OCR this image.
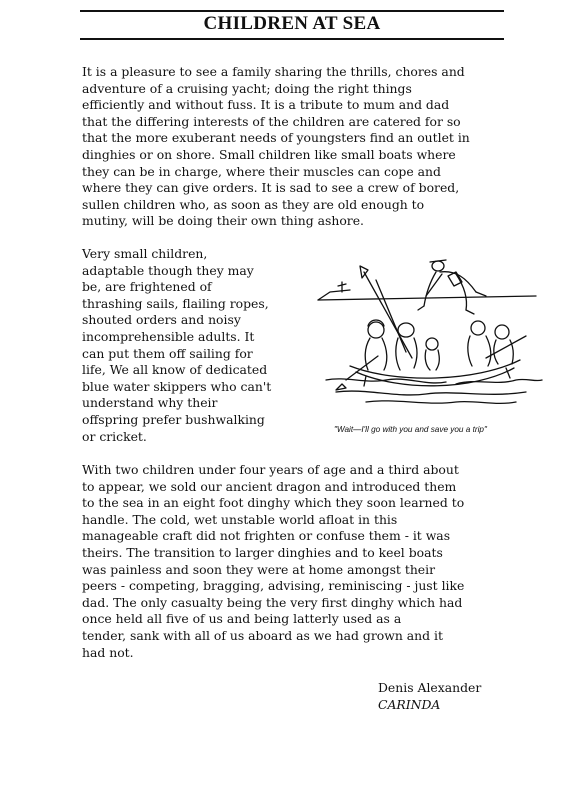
CHILDREN AT SEA
It is a pleasure to see a family sharing the thrills, chores and
adventure of a cruising yacht; doing the right things
efficiently and without fuss. It is a tribute to mum and dad
that the differing interests of the children are catered for so
that the more exuberant needs of youngsters find an outlet in
dinghies or on shore. Small children like small boats where
they can be in charge, where their muscles can cope and
where they can give orders. It is sad to see a crew of bored,
sullen children who, as soon as they are old enough to
mutiny, will be doing their own thing ashore.
Very small children,
adaptable though they may
be, are frightened of
thrashing sails, flailing ropes,
shouted orders and noisy
incomprehensible adults. It
can put them off sailing for
life, We all know of dedicated
blue water skippers who can't
understand why their
offspring prefer bushwalking
or cricket.	"Wait—I'll go with you and save you a trip"
With two children under four years of age and a third about
to appear, we sold our ancient dragon and introduced them
to the sea in an eight foot dinghy which they soon learned to
handle. The cold, wet unstable world afloat in this
manageable craft did not frighten or confuse them - it was
theirs. The transition to larger dinghies and to keel boats
was painless and soon they were at home amongst their
peers - competing, bragging, advising, reminiscing - just like
dad. The only casualty being the very first dinghy which had
once held all five of us and being latterly used as a
tender, sank with all of us aboard as we had grown and it
had not.
Denis Alexander
CARINDA
